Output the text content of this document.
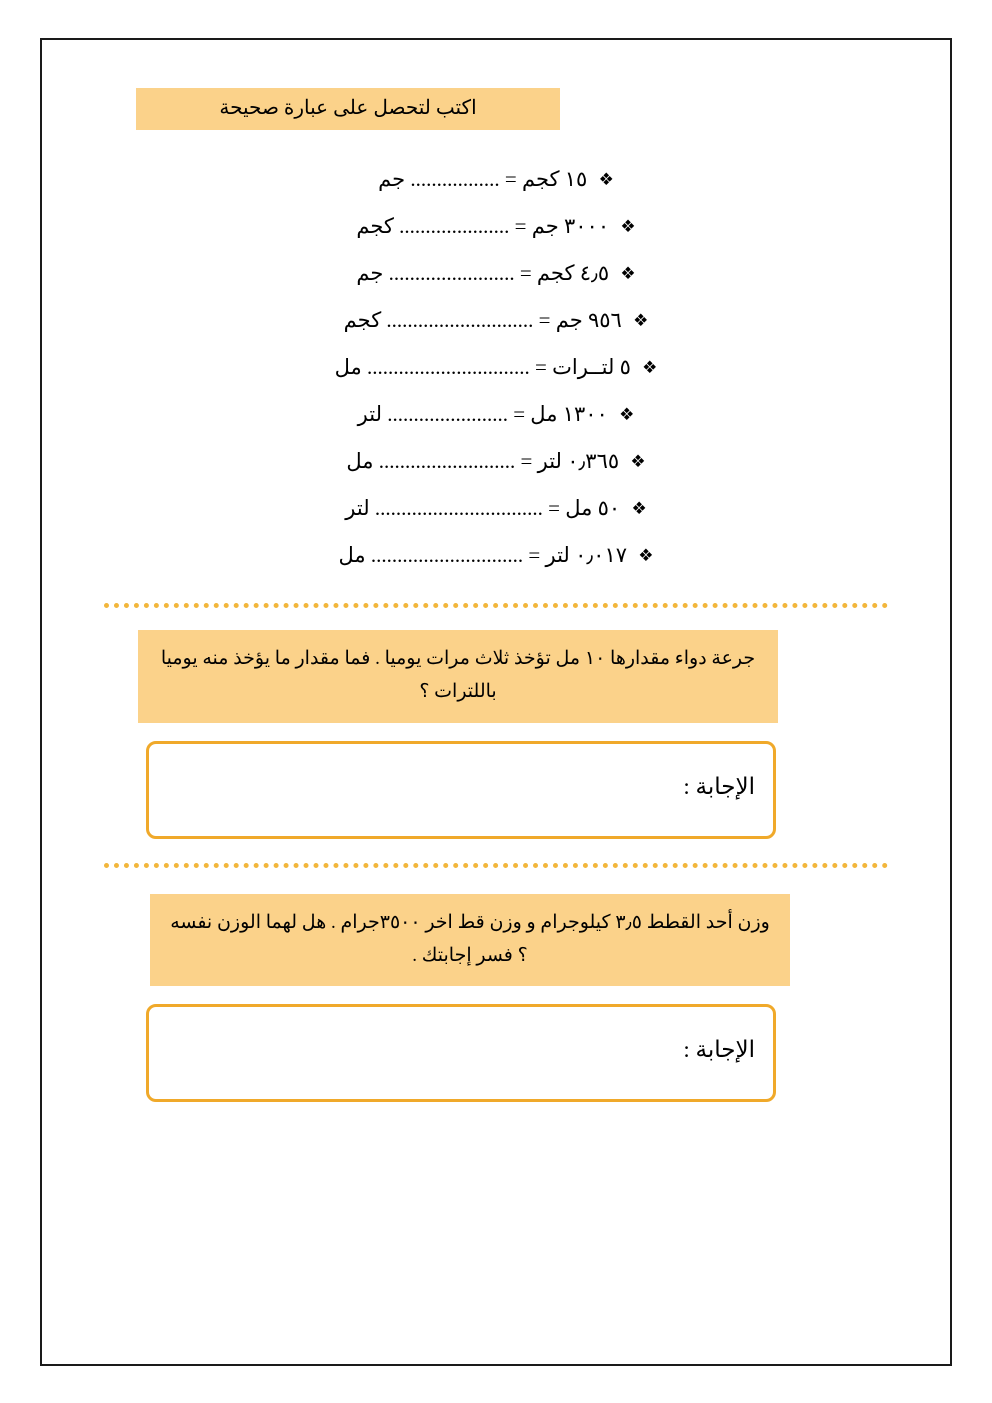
اكتب لتحصل على عبارة صحيحة
❖ ١٥ كجم = ................. جم
❖ ٣٠٠٠ جم = ..................... كجم
❖ ٤٫٥ كجم = ........................ جم
❖ ٩٥٦ جم = ............................ كجم
❖ ٥ لتــرات = ............................... مل
❖ ١٣٠٠ مل = ....................... لتر
❖ ٠٫٣٦٥ لتر = .......................... مل
❖ ٥٠ مل = ................................ لتر
❖ ٠٫٠١٧ لتر = ............................. مل
جرعة دواء مقدارها ١٠ مل تؤخذ ثلاث مرات يوميا . فما مقدار ما يؤخذ منه يوميا باللترات ؟
الإجابة :
وزن أحد القطط ٣٫٥ كيلوجرام و وزن قط اخر ٣٥٠٠جرام . هل لهما الوزن نفسه ؟ فسر إجابتك .
الإجابة :
